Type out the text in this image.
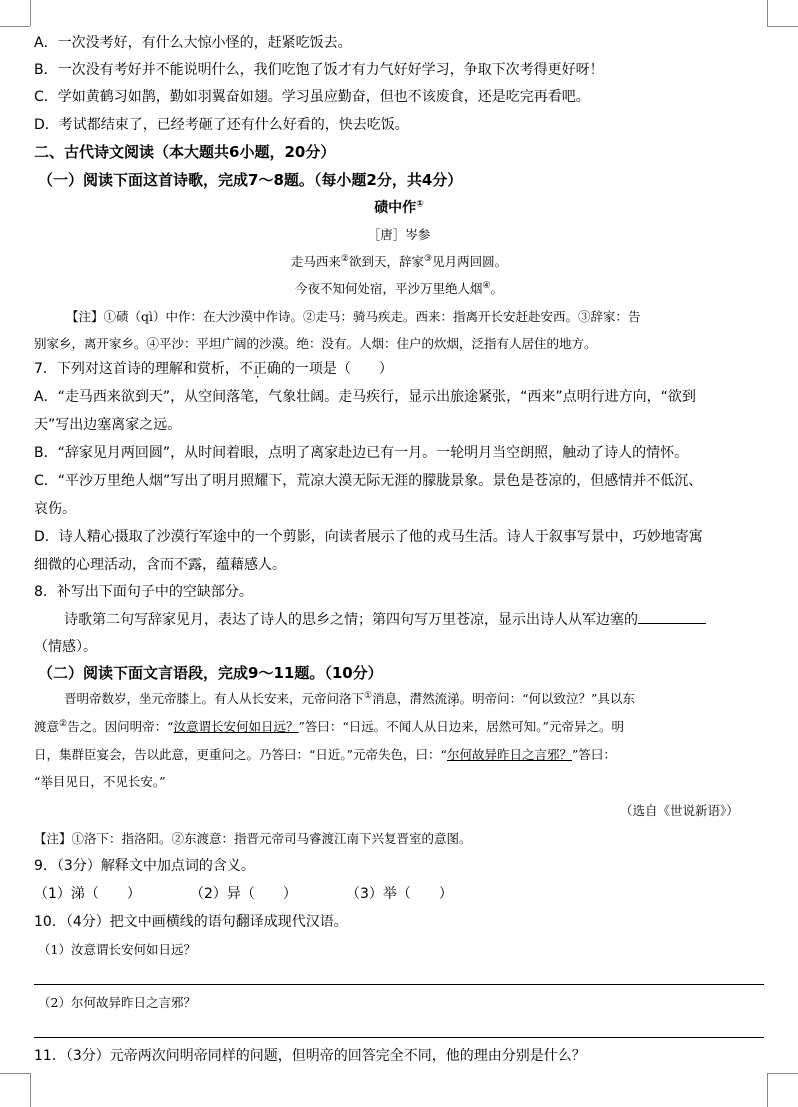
A．一次没考好，有什么大惊小怪的，赶紧吃饭去。
B．一次没有考好并不能说明什么，我们吃饱了饭才有力气好好学习，争取下次考得更好呀！
C．学如黄鹤习如鹊，勤如羽翼奋如翅。学习虽应勤奋，但也不该废食，还是吃完再看吧。
D．考试都结束了，已经考砸了还有什么好看的，快去吃饭。
二、古代诗文阅读（本大题共6小题，20分）
（一）阅读下面这首诗歌，完成7～8题。（每小题2分，共4分）
碛中作①
［唐］岑参
走马西来②欲到天，辞家③见月两回圆。
今夜不知何处宿，平沙万里绝人烟④。
【注】①碛（qì）中作：在大沙漠中作诗。②走马：骑马疾走。西来：指离开长安赶赴安西。③辞家：告
别家乡，离开家乡。④平沙：平坦广阔的沙漠。绝：没有。人烟：住户的炊烟，泛指有人居住的地方。
7．下列对这首诗的理解和赏析，不正确的一项是（　　）
A．“走马西来欲到天”，从空间落笔，气象壮阔。走马疾行，显示出旅途紧张，“西来”点明行进方向，“欲到
天”写出边塞离家之远。
B．“辞家见月两回圆”，从时间着眼，点明了离家赴边已有一月。一轮明月当空朗照，触动了诗人的情怀。
C．“平沙万里绝人烟”写出了明月照耀下，荒凉大漠无际无涯的朦胧景象。景色是苍凉的，但感情并不低沉、
哀伤。
D．诗人精心摄取了沙漠行军途中的一个剪影，向读者展示了他的戎马生活。诗人于叙事写景中，巧妙地寄寓
细微的心理活动，含而不露，蕴藉感人。
8．补写出下面句子中的空缺部分。
诗歌第二句写辞家见月，表达了诗人的思乡之情；第四句写万里苍凉，显示出诗人从军边塞的
（情感）。
（二）阅读下面文言语段，完成9～11题。（10分）
晋明帝数岁，坐元帝膝上。有人从长安来，元帝问洛下①消息，潸然流涕。明帝问：“何以致泣？”具以东
渡意②告之。因问明帝：“汝意谓长安何如日远？”答曰：“日远。不闻人从日边来，居然可知。”元帝异之。明
日，集群臣宴会，告以此意，更重问之。乃答曰：“日近。”元帝失色，曰：“尔何故异昨日之言邪？”答曰：
“举目见日，不见长安。”
（选自《世说新语》）
【注】①洛下：指洛阳。②东渡意：指晋元帝司马睿渡江南下兴复晋室的意图。
9．（3分）解释文中加点词的含义。
（1）涕（　　）	（2）异（　　）	（3）举（　　）
10．（4分）把文中画横线的语句翻译成现代汉语。
（1）汝意谓长安何如日远？
（2）尔何故异昨日之言邪？
11．（3分）元帝两次问明帝同样的问题，但明帝的回答完全不同，他的理由分别是什么？
